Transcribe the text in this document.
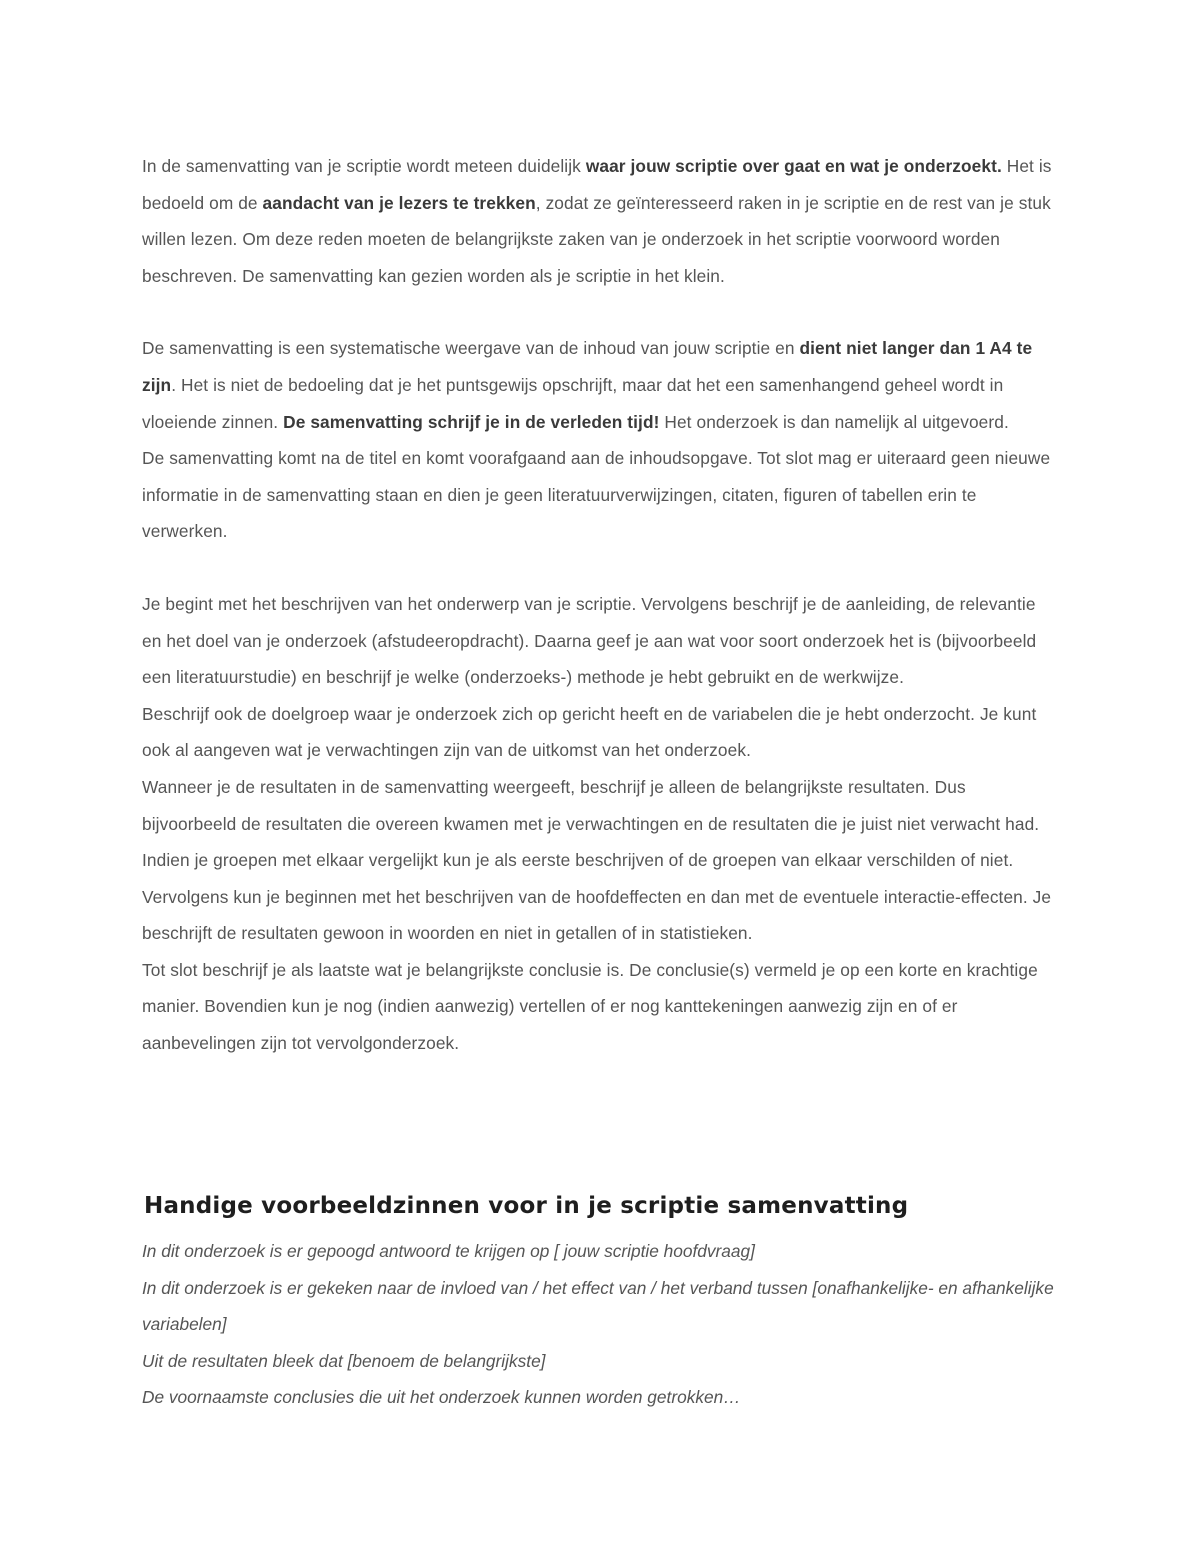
In de samenvatting van je scriptie wordt meteen duidelijk waar jouw scriptie over gaat en wat je onderzoekt. Het is bedoeld om de aandacht van je lezers te trekken, zodat ze geïnteresseerd raken in je scriptie en de rest van je stuk willen lezen. Om deze reden moeten de belangrijkste zaken van je onderzoek in het scriptie voorwoord worden beschreven. De samenvatting kan gezien worden als je scriptie in het klein.

De samenvatting is een systematische weergave van de inhoud van jouw scriptie en dient niet langer dan 1 A4 te zijn. Het is niet de bedoeling dat je het puntsgewijs opschrijft, maar dat het een samenhangend geheel wordt in vloeiende zinnen. De samenvatting schrijf je in de verleden tijd! Het onderzoek is dan namelijk al uitgevoerd.

De samenvatting komt na de titel en komt voorafgaand aan de inhoudsopgave. Tot slot mag er uiteraard geen nieuwe informatie in de samenvatting staan en dien je geen literatuurverwijzingen, citaten, figuren of tabellen erin te verwerken.

Je begint met het beschrijven van het onderwerp van je scriptie. Vervolgens beschrijf je de aanleiding, de relevantie en het doel van je onderzoek (afstudeeropdracht). Daarna geef je aan wat voor soort onderzoek het is (bijvoorbeeld een literatuurstudie) en beschrijf je welke (onderzoeks-) methode je hebt gebruikt en de werkwijze.

Beschrijf ook de doelgroep waar je onderzoek zich op gericht heeft en de variabelen die je hebt onderzocht. Je kunt ook al aangeven wat je verwachtingen zijn van de uitkomst van het onderzoek.

Wanneer je de resultaten in de samenvatting weergeeft, beschrijf je alleen de belangrijkste resultaten. Dus bijvoorbeeld de resultaten die overeen kwamen met je verwachtingen en de resultaten die je juist niet verwacht had. Indien je groepen met elkaar vergelijkt kun je als eerste beschrijven of de groepen van elkaar verschilden of niet.

Vervolgens kun je beginnen met het beschrijven van de hoofdeffecten en dan met de eventuele interactie-effecten. Je beschrijft de resultaten gewoon in woorden en niet in getallen of in statistieken.

Tot slot beschrijf je als laatste wat je belangrijkste conclusie is. De conclusie(s) vermeld je op een korte en krachtige manier. Bovendien kun je nog (indien aanwezig) vertellen of er nog kanttekeningen aanwezig zijn en of er aanbevelingen zijn tot vervolgonderzoek.

Handige voorbeeldzinnen voor in je scriptie samenvatting

In dit onderzoek is er gepoogd antwoord te krijgen op [ jouw scriptie hoofdvraag]

In dit onderzoek is er gekeken naar de invloed van / het effect van / het verband tussen [onafhankelijke- en afhankelijke variabelen]

Uit de resultaten bleek dat [benoem de belangrijkste]

De voornaamste conclusies die uit het onderzoek kunnen worden getrokken…
